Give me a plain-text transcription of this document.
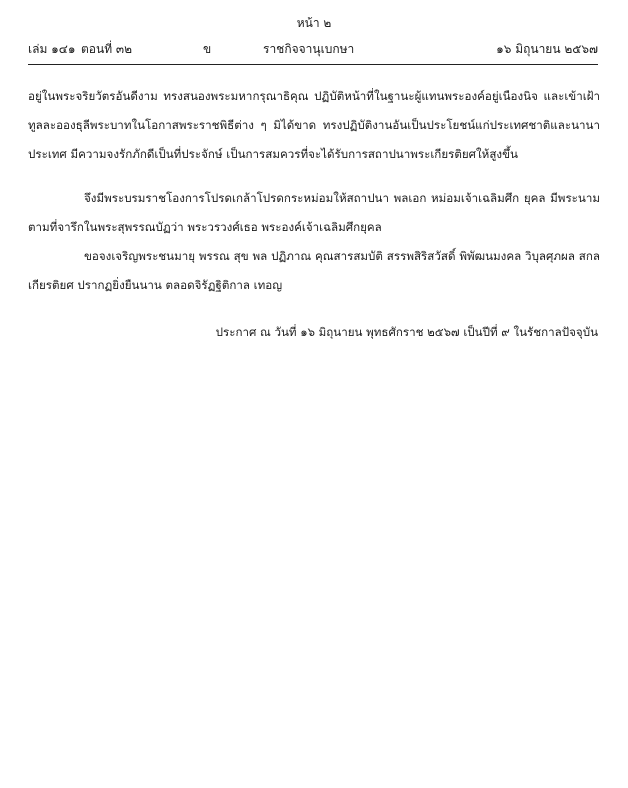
หน้า ๒
เล่ม ๑๔๑ ตอนที่ ๓๒	ข	ราชกิจจานุเบกษา	๑๖ มิถุนายน ๒๕๖๗

อยู่ในพระจริยวัตรอันดีงาม ทรงสนองพระมหากรุณาธิคุณ ปฏิบัติหน้าที่ในฐานะผู้แทนพระองค์อยู่เนืองนิจ และเข้าเฝ้าทูลละอองธุลีพระบาทในโอกาสพระราชพิธีต่าง ๆ มิได้ขาด ทรงปฏิบัติงานอันเป็นประโยชน์แก่ประเทศชาติและนานาประเทศ มีความจงรักภักดีเป็นที่ประจักษ์ เป็นการสมควรที่จะได้รับการสถาปนาพระเกียรติยศให้สูงขึ้น

จึงมีพระบรมราชโองการโปรดเกล้าโปรดกระหม่อมให้สถาปนา พลเอก หม่อมเจ้าเฉลิมศึก ยุคล มีพระนามตามที่จารึกในพระสุพรรณบัฏว่า พระวรวงศ์เธอ พระองค์เจ้าเฉลิมศึกยุคล

ขอจงเจริญพระชนมายุ พรรณ สุข พล ปฏิภาณ คุณสารสมบัติ สรรพสิริสวัสดิ์ พิพัฒนมงคล วิบุลศุภผล สกลเกียรติยศ ปรากฏยิ่งยืนนาน ตลอดจิรัฏฐิติกาล เทอญ

ประกาศ ณ วันที่ ๑๖ มิถุนายน พุทธศักราช ๒๕๖๗ เป็นปีที่ ๙ ในรัชกาลปัจจุบัน
